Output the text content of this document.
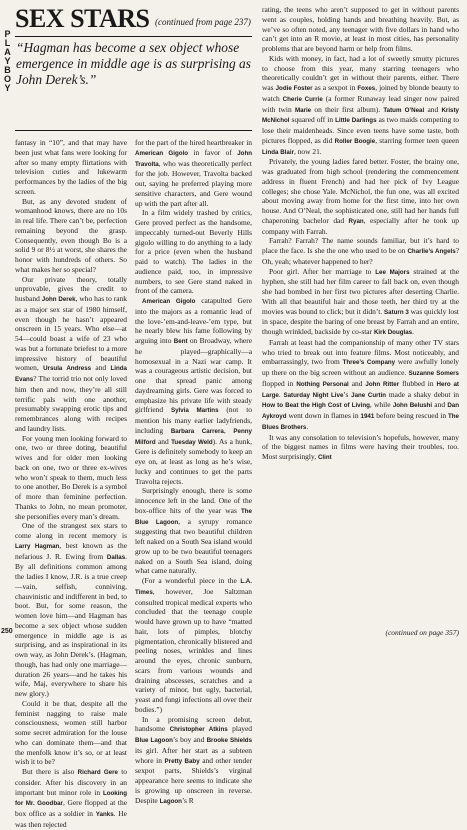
P
L
A
Y
B
O
Y
SEX STARS (continued from page 237)
“Hagman has become a sex object whose emergence in middle age is as surprising as John Derek’s.”

fantasy in “10”, and that may have been just what fans were looking for after so many empty flirtations with television cuties and lukewarm performances by the ladies of the big screen.

But, as any devoted student of womanhood knows, there are no 10s in real life. There can’t be, perfection remaining beyond the grasp. Consequently, even though Bo is a solid 9 or 8½ at worst, she shares the honor with hundreds of others. So what makes her so special?

Our private theory, totally unprovable, gives the credit to husband John Derek, who has to rank as a major sex star of 1980 himself, even though he hasn’t appeared onscreen in 15 years. Who else—at 54—could boast a wife of 23 who was but a fortunate briefest to a more impressive history of beautiful women, Ursula Andress and Linda Evans? The torrid trio not only loved him then and now, they’re all still terrific pals with one another, presumably swapping erotic tips and remembrances along with recipes and laundry lists.

For young men looking forward to one, two or three doting, beautiful wives and for older men looking back on one, two or three ex-wives who won’t speak to them, much less to one another, Bo Derek is a symbol of more than feminine perfection. Thanks to John, no mean promoter, she personifies every man’s dream.

One of the strangest sex stars to come along in recent memory is Larry Hagman, best known as the nefarious J. R. Ewing from Dallas. By all definitions common among the ladies I know, J.R. is a true creep—vain, selfish, conniving, chauvinistic and indifferent in bed, to boot. But, for some reason, the women love him—and Hagman has become a sex object whose sudden emergence in middle age is as surprising, and as inspirational in its own way, as John Derek’s. (Hagman, though, has had only one marriage—duration 26 years—and he takes his wife, Maj, everywhere to share his new glory.)

Could it be that, despite all the feminist nagging to raise male consciousness, women still harbor some secret admiration for the louse who can dominate them—and that the menfolk know it’s so, or at least wish it to be?

But there is also Richard Gere to consider. After his discovery in an important but minor role in Looking for Mr. Goodbar, Gere flopped at the box office as a soldier in Yanks. He was then rejected

for the part of the hired heartbreaker in American Gigolo in favor of John Travolta, who was theoretically perfect for the job. However, Travolta backed out, saying he preferred playing more sensitive characters, and Gere wound up with the part after all.

In a film widely trashed by critics, Gere proved perfect as the handsome, impeccably turned-out Beverly Hills gigolo willing to do anything to a lady for a price (even when the husband paid to watch). The ladies in the audience paid, too, in impressive numbers, to see Gere stand naked in front of the camera.

American Gigolo catapulted Gere into the majors as a romantic lead of the love-’em-and-leave-’em type, but he nearly blew his fame following by arguing into Bent on Broadway, where he played—graphically—a homosexual in a Nazi war camp. It was a courageous artistic decision, but one that spread panic among daydreaming girls. Gere was forced to emphasize his private life with steady girlfriend Sylvia Martins (not to mention his many earlier ladyfriends, including Barbara Carrera, Penny Milford and Tuesday Weld). As a hunk, Gere is definitely somebody to keep an eye on, at least as long as he’s wise, lucky and continues to get the parts Travolta rejects.

Surprisingly enough, there is some innocence left in the land. One of the box-office hits of the year was The Blue Lagoon, a syrupy romance suggesting that two beautiful children left naked on a South Sea island would grow up to be two beautiful teenagers naked on a South Sea island, doing what came naturally.

(For a wonderful piece in the L.A. Times, however, Joe Saltzman consulted tropical medical experts who concluded that the teenage couple would have grown up to have “matted hair, lots of pimples, blotchy pigmentation, chronically blistered and peeling noses, wrinkles and lines around the eyes, chronic sunburn, scars from various wounds and draining abscesses, scratches and a variety of minor, but ugly, bacterial, yeast and fungi infections all over their bodies.”)

In a promising screen debut, handsome Christopher Atkins played Blue Lagoon’s boy and Brooke Shields its girl. After her start as a subteen whore in Pretty Baby and other tender sexpot parts, Shields’s virginal appearance here seems to indicate she is growing up onscreen in reverse. Despite Lagoon’s R

rating, the teens who aren’t supposed to get in without parents went as couples, holding hands and breathing heavily. But, as we’ve so often noted, any teenager with five dollars in hand who can’t get into an R movie, at least in most cities, has personality problems that are beyond harm or help from films.

Kids with money, in fact, had a lot of sweetly smutty pictures to choose from this year, many starring teenagers who theoretically couldn’t get in without their parents, either. There was Jodie Foster as a sexpot in Foxes, joined by blonde beauty to watch Cherie Currie (a former Runaway lead singer now paired with twin Marie on their first album). Tatum O’Neal and Kristy McNichol squared off in Little Darlings as two maids competing to lose their maidenheads. Since even teens have some taste, both pictures flopped, as did Roller Boogie, starring former teen queen Linda Blair, now 21.

Privately, the young ladies fared better. Foster, the brainy one, was graduated from high school (rendering the commencement address in fluent French) and had her pick of Ivy League colleges; she chose Yale. McNichol, the fun one, was all excited about moving away from home for the first time, into her own house. And O’Neal, the sophisticated one, still had her hands full chaperoning bachelor dad Ryan, especially after he took up company with Farrah.

Farrah? Farrah? The name sounds familiar, but it’s hard to place the face. Is she the one who used to be on Charlie’s Angels? Oh, yeah; whatever happened to her?

Poor girl. After her marriage to Lee Majors strained at the hyphen, she still had her film career to fall back on, even though she had bombed in her first two pictures after deserting Charlie. With all that beautiful hair and those teeth, her third try at the movies was bound to click; but it didn’t. Saturn 3 was quickly lost in space, despite the baring of one breast by Farrah and an entire, though wrinkled, backside by co-star Kirk Douglas.

Farrah at least had the companionship of many other TV stars who tried to break out into feature films. Most noticeably, and embarrassingly, two from Three’s Company were awfully lonely up there on the big screen without an audience. Suzanne Somers flopped in Nothing Personal and John Ritter flubbed in Hero at Large. Saturday Night Live’s Jane Curtin made a shaky debut in How to Beat the High Cost of Living, while John Belushi and Dan Aykroyd went down in flames in 1941 before being rescued in The Blues Brothers.

It was any consolation to television’s hopefuls, however, many of the biggest names in films were having their troubles, too. Most surprisingly, Clint

250	(continued on page 357)
